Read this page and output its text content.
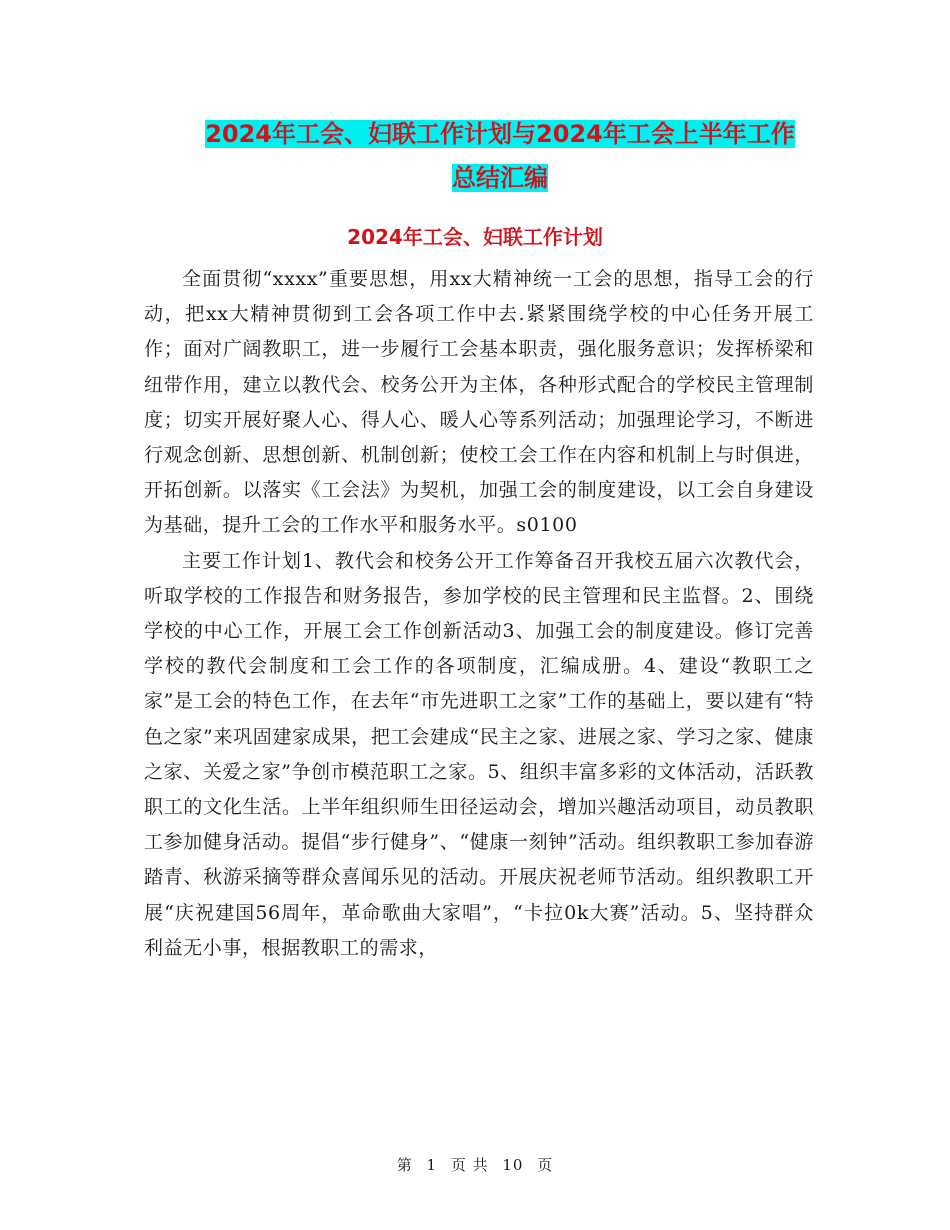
2024年工会、妇联工作计划与2024年工会上半年工作
总结汇编
2024年工会、妇联工作计划

全面贯彻“xxxx”重要思想，用xx大精神统一工会的思想，指导工会的行动，把xx大精神贯彻到工会各项工作中去.紧紧围绕学校的中心任务开展工作；面对广阔教职工，进一步履行工会基本职责，强化服务意识；发挥桥梁和纽带作用，建立以教代会、校务公开为主体，各种形式配合的学校民主管理制度；切实开展好聚人心、得人心、暖人心等系列活动；加强理论学习，不断进行观念创新、思想创新、机制创新；使校工会工作在内容和机制上与时俱进，开拓创新。以落实《工会法》为契机，加强工会的制度建设，以工会自身建设为基础，提升工会的工作水平和服务水平。s0100

主要工作计划1、教代会和校务公开工作筹备召开我校五届六次教代会，听取学校的工作报告和财务报告，参加学校的民主管理和民主监督。2、围绕学校的中心工作，开展工会工作创新活动3、加强工会的制度建设。修订完善学校的教代会制度和工会工作的各项制度，汇编成册。4、建设“教职工之家”是工会的特色工作，在去年“市先进职工之家”工作的基础上，要以建有“特色之家”来巩固建家成果，把工会建成“民主之家、进展之家、学习之家、健康之家、关爱之家”争创市模范职工之家。5、组织丰富多彩的文体活动，活跃教职工的文化生活。上半年组织师生田径运动会，增加兴趣活动项目，动员教职工参加健身活动。提倡“步行健身”、“健康一刻钟”活动。组织教职工参加春游踏青、秋游采摘等群众喜闻乐见的活动。开展庆祝老师节活动。组织教职工开展“庆祝建国56周年，革命歌曲大家唱”，“卡拉0k大赛”活动。5、坚持群众利益无小事，根据教职工的需求，

第 1 页 共 10 页
